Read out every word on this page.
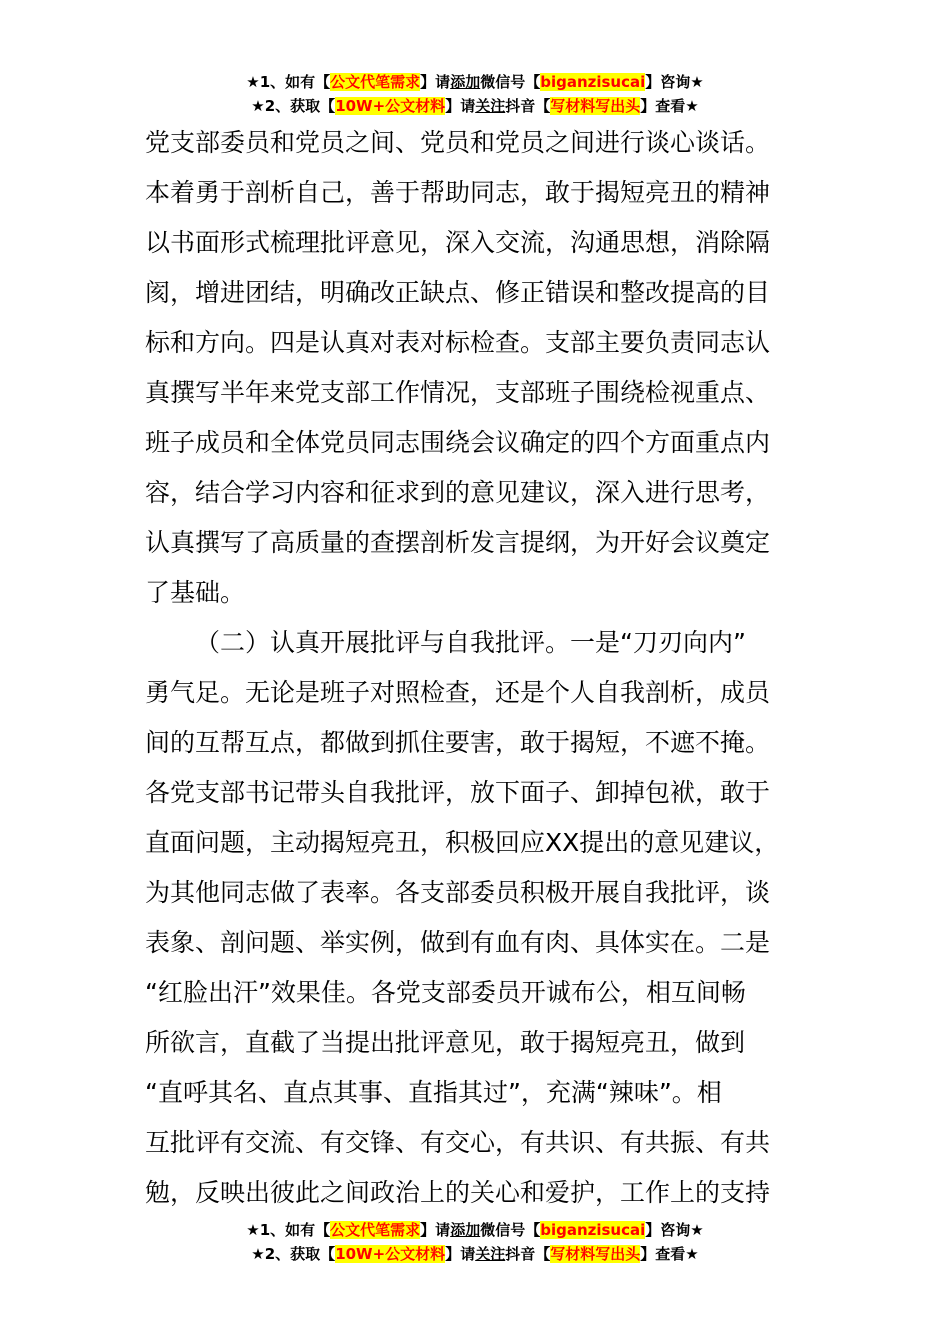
★1、如有【公文代笔需求】请添加微信号【biganzisucai】咨询★
★2、获取【10W+公文材料】请关注抖音【写材料写出头】查看★
党支部委员和党员之间、党员和党员之间进行谈心谈话。
本着勇于剖析自己，善于帮助同志，敢于揭短亮丑的精神
以书面形式梳理批评意见，深入交流，沟通思想，消除隔
阂，增进团结，明确改正缺点、修正错误和整改提高的目
标和方向。四是认真对表对标检查。支部主要负责同志认
真撰写半年来党支部工作情况，支部班子围绕检视重点、
班子成员和全体党员同志围绕会议确定的四个方面重点内
容，结合学习内容和征求到的意见建议，深入进行思考，
认真撰写了高质量的查摆剖析发言提纲，为开好会议奠定
了基础。
（二）认真开展批评与自我批评。一是“刀刃向内”
勇气足。无论是班子对照检查，还是个人自我剖析，成员
间的互帮互点，都做到抓住要害，敢于揭短，不遮不掩。
各党支部书记带头自我批评，放下面子、卸掉包袱，敢于
直面问题，主动揭短亮丑，积极回应XX提出的意见建议，
为其他同志做了表率。各支部委员积极开展自我批评，谈
表象、剖问题、举实例，做到有血有肉、具体实在。二是
“红脸出汗”效果佳。各党支部委员开诚布公，相互间畅
所欲言，直截了当提出批评意见，敢于揭短亮丑，做到
“直呼其名、直点其事、直指其过”，充满“辣味”。相
互批评有交流、有交锋、有交心，有共识、有共振、有共
勉，反映出彼此之间政治上的关心和爱护，工作上的支持
★1、如有【公文代笔需求】请添加微信号【biganzisucai】咨询★
★2、获取【10W+公文材料】请关注抖音【写材料写出头】查看★
